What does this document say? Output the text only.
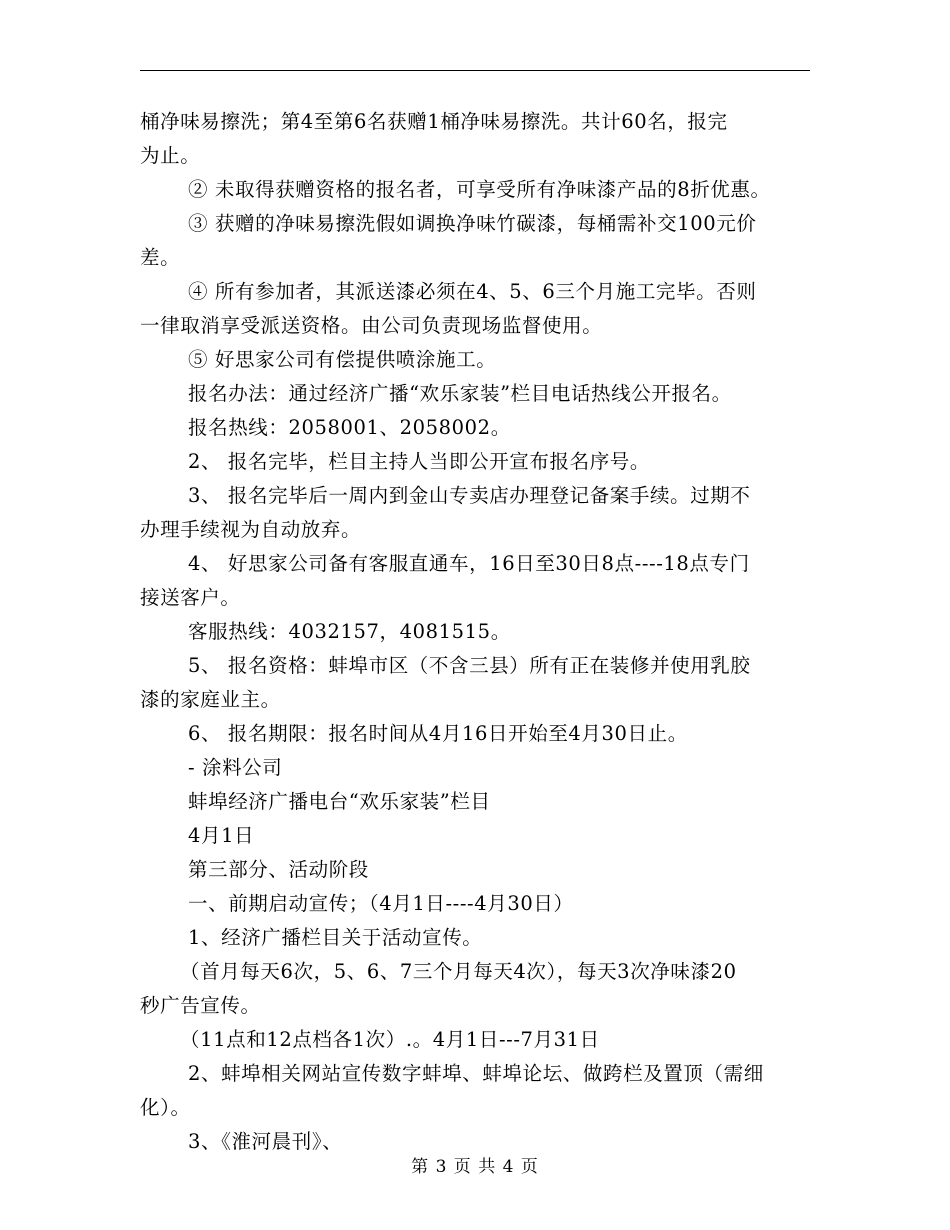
桶净味易擦洗；第4至第6名获赠1桶净味易擦洗。共计60名，报完
为止。
② 未取得获赠资格的报名者，可享受所有净味漆产品的8折优惠。
③ 获赠的净味易擦洗假如调换净味竹碳漆，每桶需补交100元价
差。
④ 所有参加者，其派送漆必须在4、5、6三个月施工完毕。否则
一律取消享受派送资格。由公司负责现场监督使用。
⑤ 好思家公司有偿提供喷涂施工。
报名办法：通过经济广播“欢乐家装”栏目电话热线公开报名。
报名热线：2058001、2058002。
2、 报名完毕，栏目主持人当即公开宣布报名序号。
3、 报名完毕后一周内到金山专卖店办理登记备案手续。过期不
办理手续视为自动放弃。
4、 好思家公司备有客服直通车，16日至30日8点----18点专门
接送客户。
客服热线：4032157，4081515。
5、 报名资格：蚌埠市区（不含三县）所有正在装修并使用乳胶
漆的家庭业主。
6、 报名期限：报名时间从4月16日开始至4月30日止。
- 涂料公司
蚌埠经济广播电台“欢乐家装”栏目
4月1日
第三部分、活动阶段
一、前期启动宣传；（4月1日----4月30日）
1、经济广播栏目关于活动宣传。
（首月每天6次，5、6、7三个月每天4次），每天3次净味漆20
秒广告宣传。
（11点和12点档各1次）.。4月1日---7月31日
2、蚌埠相关网站宣传数字蚌埠、蚌埠论坛、做跨栏及置顶（需细
化）。
3、《淮河晨刊》、
第 3 页 共 4 页
